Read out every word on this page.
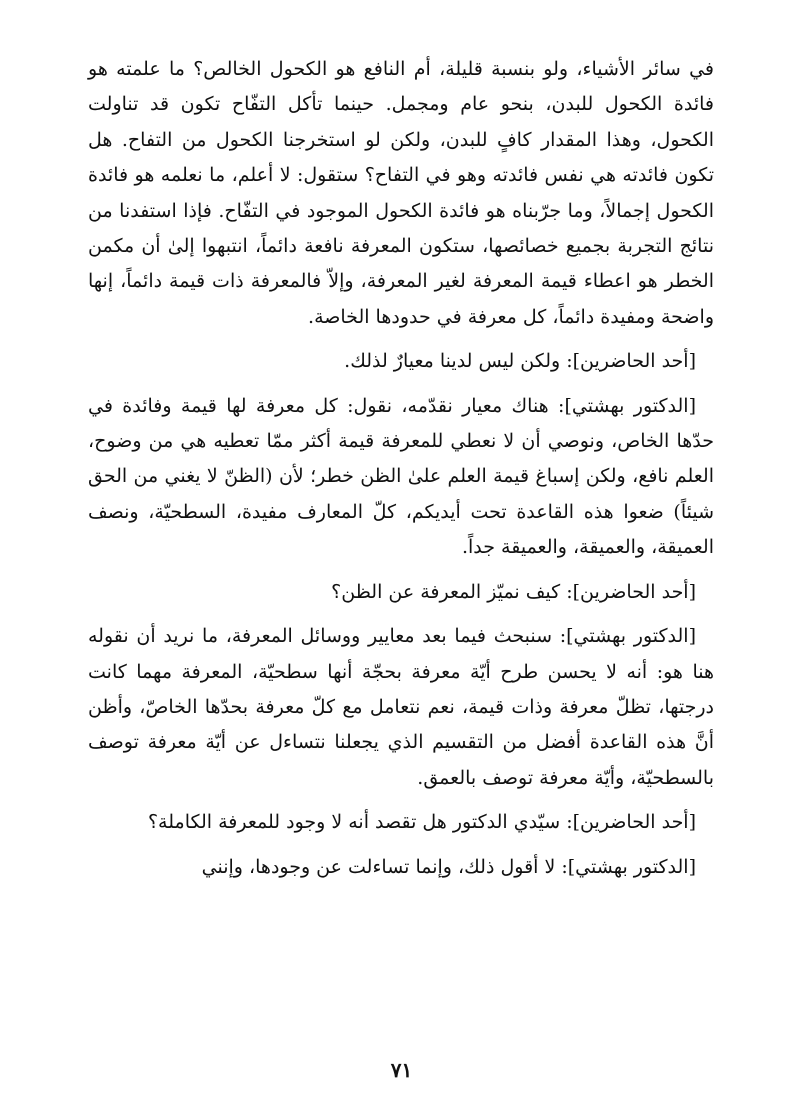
في سائر الأشياء، ولو بنسبة قليلة، أم النافع هو الكحول الخالص؟ ما علمته هو فائدة الكحول للبدن، بنحو عام ومجمل. حينما تأكل التفّاح تكون قد تناولت الكحول، وهذا المقدار كافٍ للبدن، ولكن لو استخرجنا الكحول من التفاح. هل تكون فائدته هي نفس فائدته وهو في التفاح؟ ستقول: لا أعلم، ما نعلمه هو فائدة الكحول إجمالاً، وما جرّبناه هو فائدة الكحول الموجود في التفّاح. فإذا استفدنا من نتائج التجربة بجميع خصائصها، ستكون المعرفة نافعة دائماً، انتبهوا إلىٰ أن مكمن الخطر هو اعطاء قيمة المعرفة لغير المعرفة، وإلاّ فالمعرفة ذات قيمة دائماً، إنها واضحة ومفيدة دائماً، كل معرفة في حدودها الخاصة.

[أحد الحاضرين]: ولكن ليس لدينا معيارٌ لذلك.

[الدكتور بهشتي]: هناك معيار نقدّمه، نقول: كل معرفة لها قيمة وفائدة في حدّها الخاص، ونوصي أن لا نعطي للمعرفة قيمة أكثر ممّا تعطيه هي من وضوح، العلم نافع، ولكن إسباغ قيمة العلم علىٰ الظن خطر؛ لأن (الظنّ لا يغني من الحق شيئاً) ضعوا هذه القاعدة تحت أيديكم، كلّ المعارف مفيدة، السطحيّة، ونصف العميقة، والعميقة، والعميقة جداً.

[أحد الحاضرين]: كيف نميّز المعرفة عن الظن؟

[الدكتور بهشتي]: سنبحث فيما بعد معايير ووسائل المعرفة، ما نريد أن نقوله هنا هو: أنه لا يحسن طرح أيّة معرفة بحجّة أنها سطحيّة، المعرفة مهما كانت درجتها، تظلّ معرفة وذات قيمة، نعم نتعامل مع كلّ معرفة بحدّها الخاصّ، وأظن أنَّ هذه القاعدة أفضل من التقسيم الذي يجعلنا نتساءل عن أيّة معرفة توصف بالسطحيّة، وأيّة معرفة توصف بالعمق.

[أحد الحاضرين]: سيّدي الدكتور هل تقصد أنه لا وجود للمعرفة الكاملة؟

[الدكتور بهشتي]: لا أقول ذلك، وإنما تساءلت عن وجودها، وإنني

٧١
